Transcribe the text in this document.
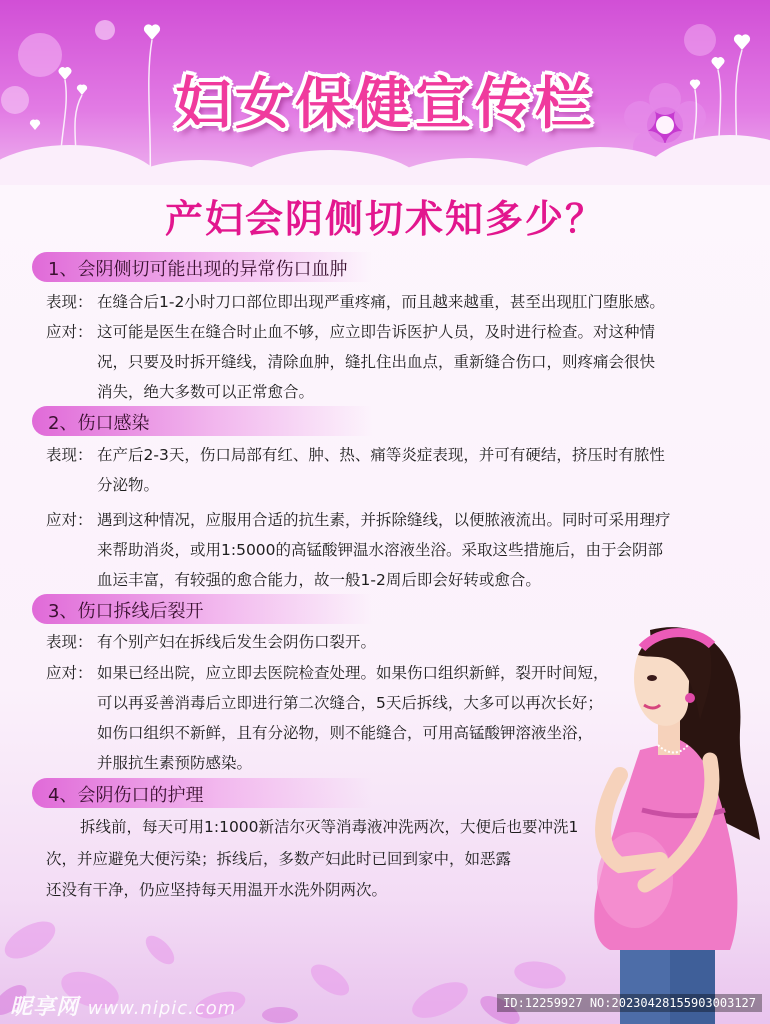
妇女保健宣传栏
产妇会阴侧切术知多少？
1、会阴侧切可能出现的异常伤口血肿
表现： 在缝合后1-2小时刀口部位即出现严重疼痛，而且越来越重，甚至出现肛门堕胀感。
应对： 这可能是医生在缝合时止血不够，应立即告诉医护人员，及时进行检查。对这种情
况，只要及时拆开缝线，清除血肿，缝扎住出血点，重新缝合伤口，则疼痛会很快
消失，绝大多数可以正常愈合。
2、伤口感染
表现： 在产后2-3天，伤口局部有红、肿、热、痛等炎症表现，并可有硬结，挤压时有脓性
分泌物。
应对： 遇到这种情况，应服用合适的抗生素，并拆除缝线，以便脓液流出。同时可采用理疗
来帮助消炎，或用1:5000的高锰酸钾温水溶液坐浴。采取这些措施后，由于会阴部
血运丰富，有较强的愈合能力，故一般1-2周后即会好转或愈合。
3、伤口拆线后裂开
表现： 有个别产妇在拆线后发生会阴伤口裂开。
应对： 如果已经出院，应立即去医院检查处理。如果伤口组织新鲜，裂开时间短，
可以再妥善消毒后立即进行第二次缝合，5天后拆线，大多可以再次长好；
如伤口组织不新鲜，且有分泌物，则不能缝合，可用高锰酸钾溶液坐浴，
并服抗生素预防感染。
4、会阴伤口的护理
拆线前，每天可用1:1000新洁尔灭等消毒液冲洗两次，大便后也要冲洗1
次，并应避免大便污染；拆线后，多数产妇此时已回到家中，如恶露
还没有干净，仍应坚持每天用温开水洗外阴两次。
昵享网 www.nipic.com	ID:12259927 NO:20230428155903003127
